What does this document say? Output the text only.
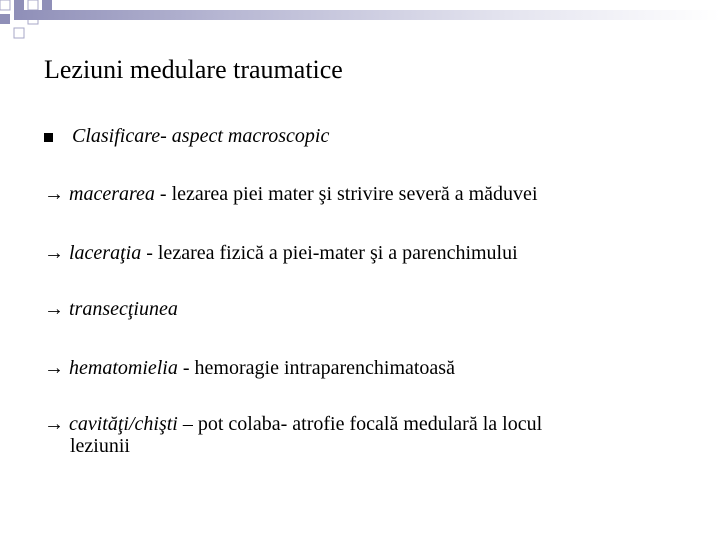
Leziuni medulare traumatice
Clasificare- aspect macroscopic
→ macerarea - lezarea piei mater şi strivire severă a măduvei
→ laceraţia - lezarea fizică a piei-mater şi a parenchimului
→ transecţiunea
→ hematomielia - hemoragie intraparenchimatoasă
→ cavităţi/chişti – pot colaba- atrofie focală medulară la locul
leziunii
